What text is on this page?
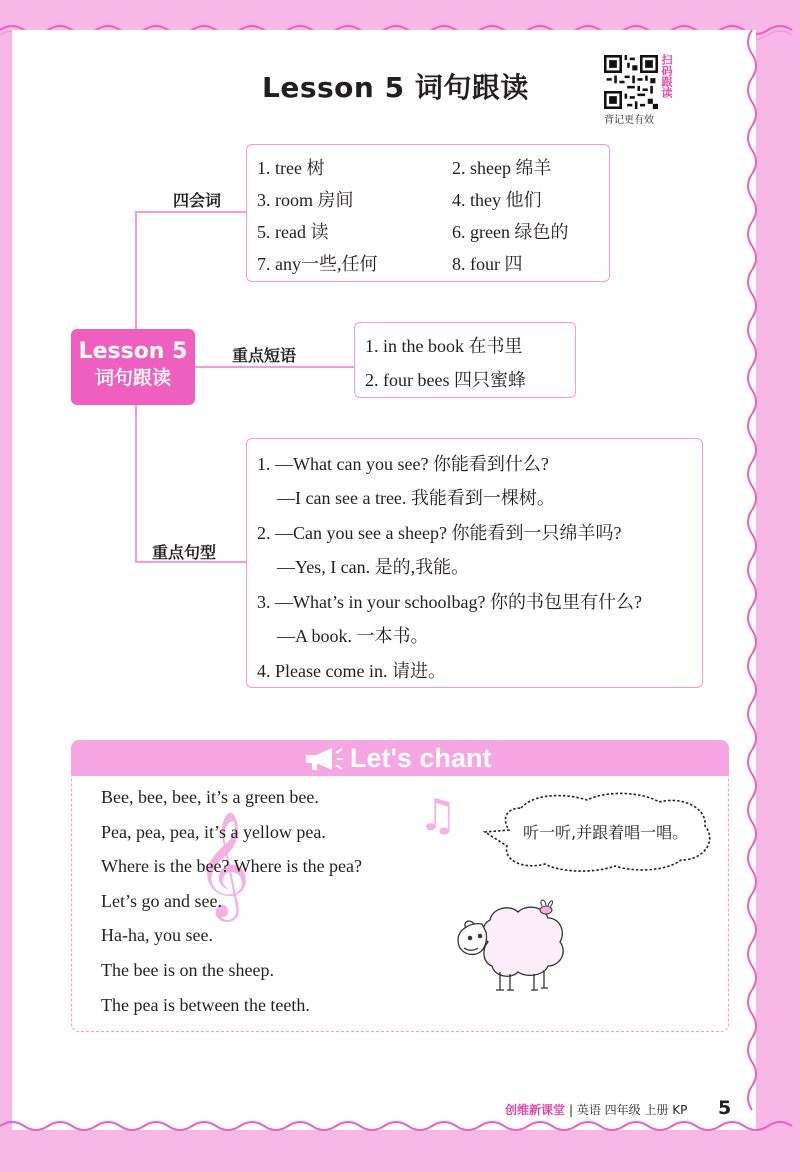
Lesson 5 词句跟读	扫码跟读
背记更有效
Lesson 5
词句跟读
四会词
1. tree 树	2. sheep 绵羊
3. room 房间	4. they 他们
5. read 读	6. green 绿色的
7. any一些,任何	8. four 四
重点短语	1. in the book 在书里
2. four bees 四只蜜蜂
重点句型
1. —What can you see? 你能看到什么?
—I can see a tree. 我能看到一棵树。
2. —Can you see a sheep? 你能看到一只绵羊吗?
—Yes, I can. 是的,我能。
3. —What’s in your schoolbag? 你的书包里有什么?
—A book. 一本书。
4. Please come in. 请进。
Let's chant
𝄞	♫
Bee, bee, bee, it’s a green bee.
Pea, pea, pea, it’s a yellow pea.
Where is the bee? Where is the pea?
Let’s go and see.
Ha-ha, you see.
The bee is on the sheep.
The pea is between the teeth.
听一听,并跟着唱一唱。
创维新课堂 | 英语 四年级 上册 KP 5
